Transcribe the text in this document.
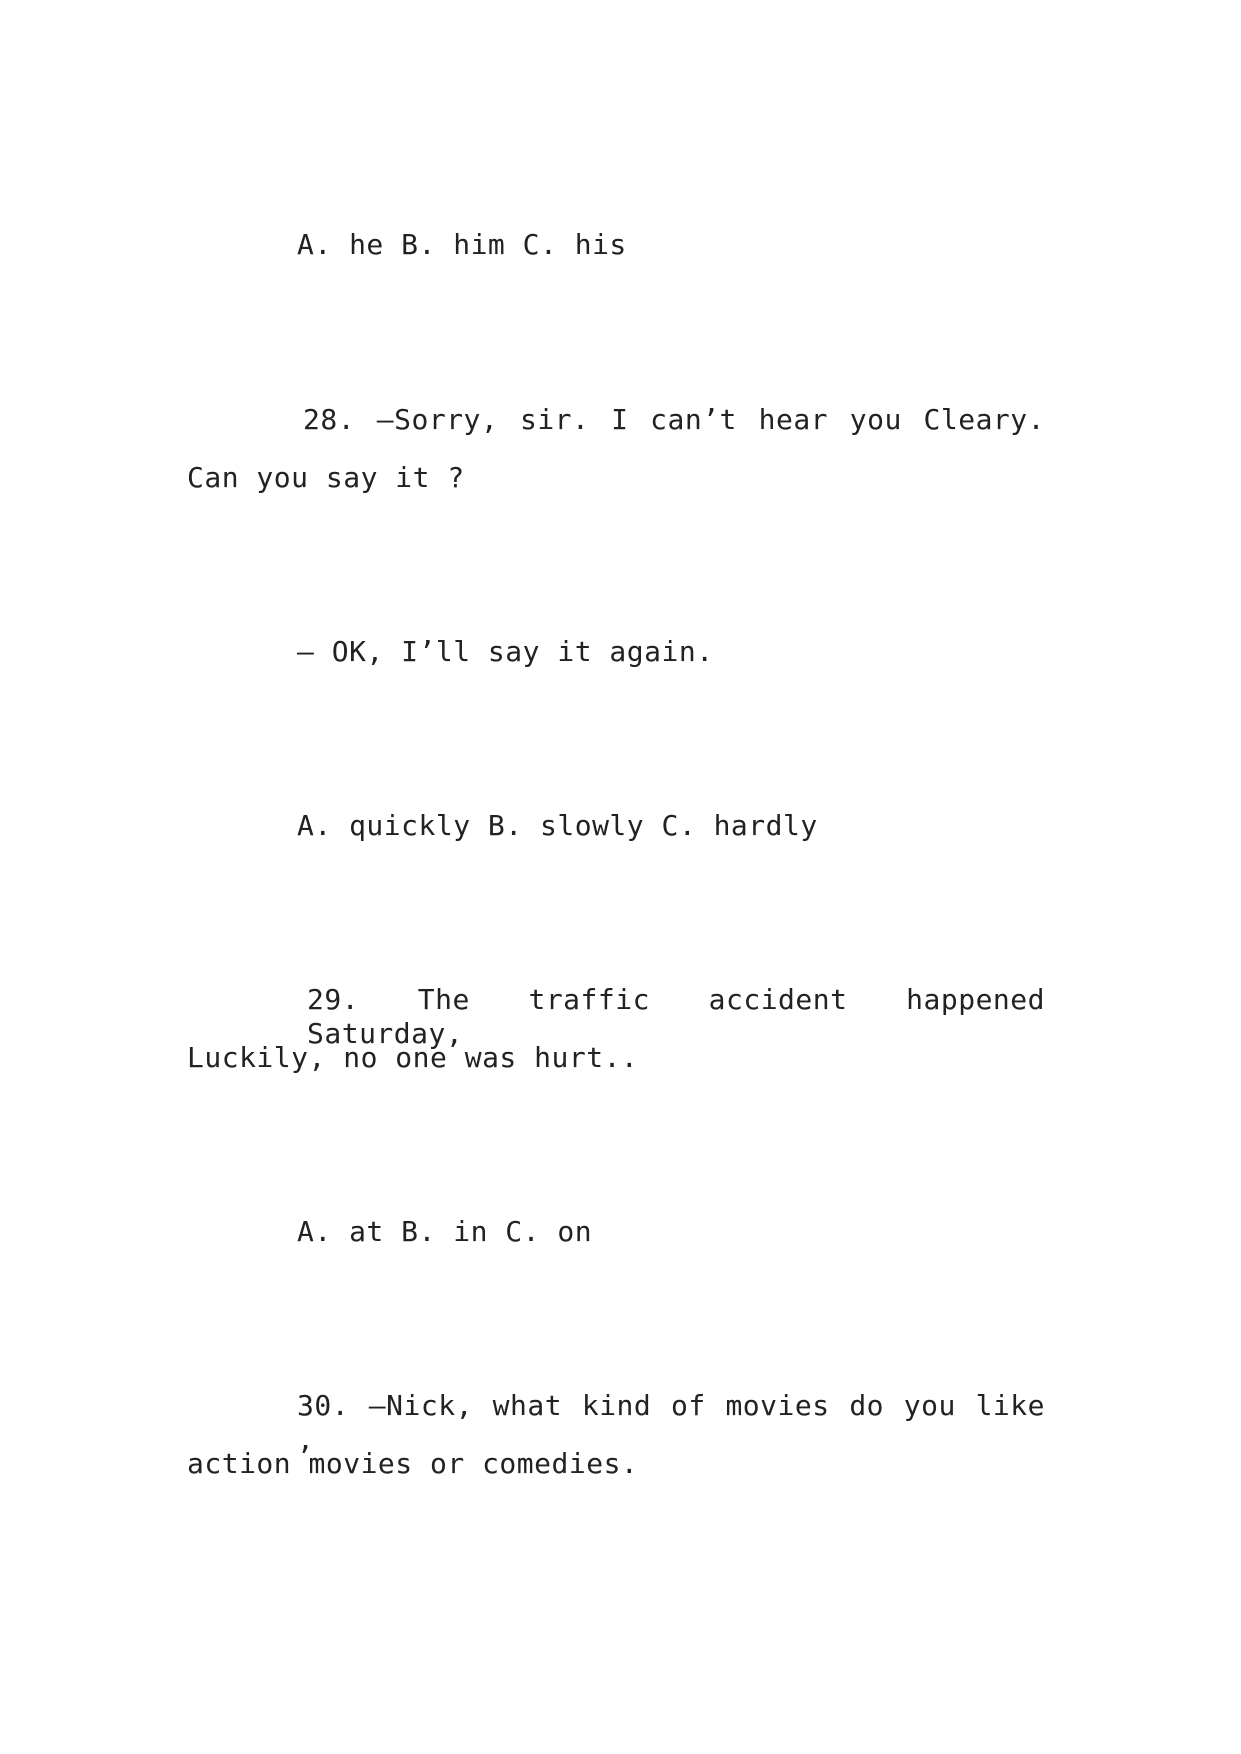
A. he B. him C. his
28. —Sorry, sir. I can’t hear you Cleary.
Can you say it ?
— OK, I’ll say it again.
A. quickly B. slowly C. hardly
29. The traffic accident happened Saturday,
Luckily, no one was hurt..
A. at B. in C. on
30. —Nick, what kind of movies do you like ,
action movies or comedies.
